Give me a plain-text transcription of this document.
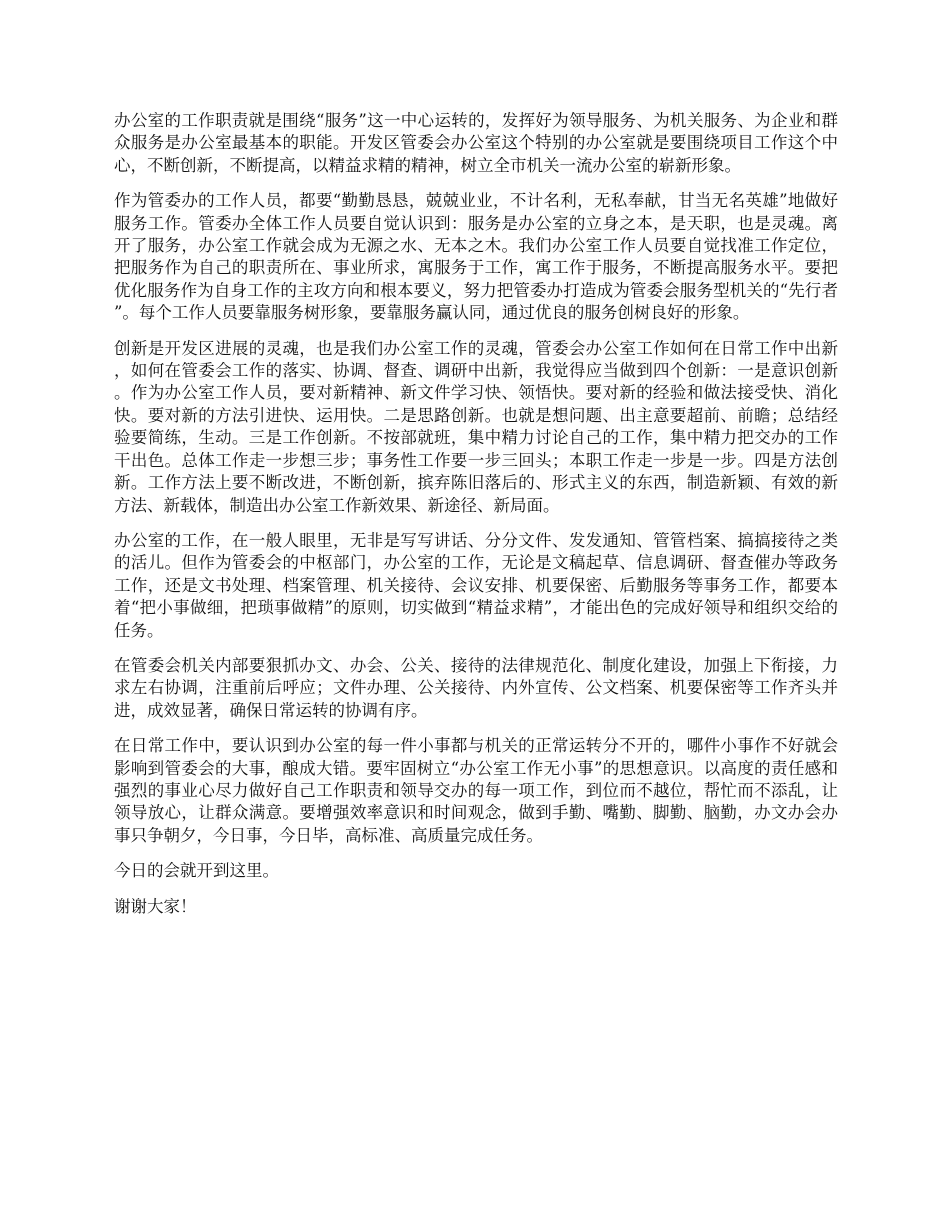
办公室的工作职责就是围绕“服务”这一中心运转的，发挥好为领导服务、为机关服务、为企业和群众服务是办公室最基本的职能。开发区管委会办公室这个特别的办公室就是要围绕项目工作这个中心，不断创新，不断提高，以精益求精的精神，树立全市机关一流办公室的崭新形象。

作为管委办的工作人员，都要“勤勤恳恳，兢兢业业，不计名利，无私奉献，甘当无名英雄”地做好服务工作。管委办全体工作人员要自觉认识到：服务是办公室的立身之本，是天职，也是灵魂。离开了服务，办公室工作就会成为无源之水、无本之木。我们办公室工作人员要自觉找准工作定位，把服务作为自己的职责所在、事业所求，寓服务于工作，寓工作于服务，不断提高服务水平。要把优化服务作为自身工作的主攻方向和根本要义，努力把管委办打造成为管委会服务型机关的“先行者”。每个工作人员要靠服务树形象，要靠服务赢认同，通过优良的服务创树良好的形象。

创新是开发区进展的灵魂，也是我们办公室工作的灵魂，管委会办公室工作如何在日常工作中出新，如何在管委会工作的落实、协调、督查、调研中出新，我觉得应当做到四个创新：一是意识创新。作为办公室工作人员，要对新精神、新文件学习快、领悟快。要对新的经验和做法接受快、消化快。要对新的方法引进快、运用快。二是思路创新。也就是想问题、出主意要超前、前瞻；总结经验要简练，生动。三是工作创新。不按部就班，集中精力讨论自己的工作，集中精力把交办的工作干出色。总体工作走一步想三步；事务性工作要一步三回头；本职工作走一步是一步。四是方法创新。工作方法上要不断改进，不断创新，摈弃陈旧落后的、形式主义的东西，制造新颖、有效的新方法、新载体，制造出办公室工作新效果、新途径、新局面。

办公室的工作，在一般人眼里，无非是写写讲话、分分文件、发发通知、管管档案、搞搞接待之类的活儿。但作为管委会的中枢部门，办公室的工作，无论是文稿起草、信息调研、督查催办等政务工作，还是文书处理、档案管理、机关接待、会议安排、机要保密、后勤服务等事务工作，都要本着“把小事做细，把琐事做精”的原则，切实做到“精益求精”，才能出色的完成好领导和组织交给的任务。

在管委会机关内部要狠抓办文、办会、公关、接待的法律规范化、制度化建设，加强上下衔接，力求左右协调，注重前后呼应；文件办理、公关接待、内外宣传、公文档案、机要保密等工作齐头并进，成效显著，确保日常运转的协调有序。

在日常工作中，要认识到办公室的每一件小事都与机关的正常运转分不开的，哪件小事作不好就会影响到管委会的大事，酿成大错。要牢固树立“办公室工作无小事”的思想意识。以高度的责任感和强烈的事业心尽力做好自己工作职责和领导交办的每一项工作，到位而不越位，帮忙而不添乱，让领导放心，让群众满意。要增强效率意识和时间观念，做到手勤、嘴勤、脚勤、脑勤，办文办会办事只争朝夕，今日事，今日毕，高标准、高质量完成任务。

今日的会就开到这里。

谢谢大家！
